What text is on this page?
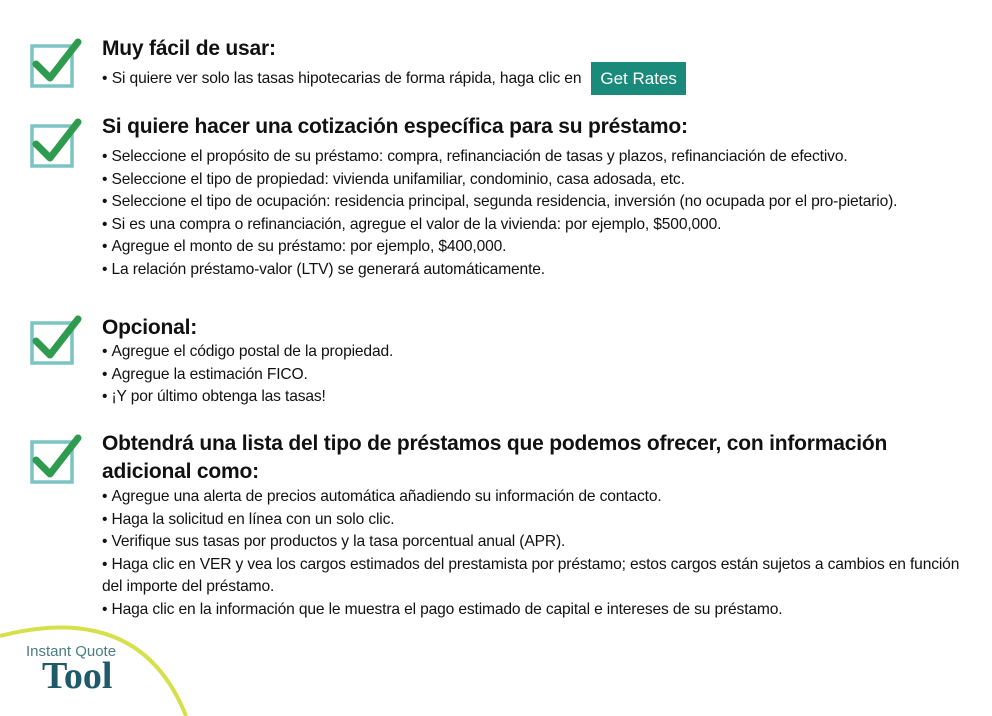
Instant Quote
Tool
Muy fácil de usar:
• Si quiere ver solo las tasas hipotecarias de forma rápida, haga clic en	Get Rates
Si quiere hacer una cotización específica para su préstamo:
• Seleccione el propósito de su préstamo: compra, refinanciación de tasas y plazos, refinanciación de efectivo.
• Seleccione el tipo de propiedad: vivienda unifamiliar, condominio, casa adosada, etc.
• Seleccione el tipo de ocupación: residencia principal, segunda residencia, inversión (no ocupada por el pro-pietario).
• Si es una compra o refinanciación, agregue el valor de la vivienda: por ejemplo, $500,000.
• Agregue el monto de su préstamo: por ejemplo, $400,000.
• La relación préstamo-valor (LTV) se generará automáticamente.
Opcional:
• Agregue el código postal de la propiedad.
• Agregue la estimación FICO.
• ¡Y por último obtenga las tasas!
Obtendrá una lista del tipo de préstamos que podemos ofrecer, con información adicional como:
• Agregue una alerta de precios automática añadiendo su información de contacto.
• Haga la solicitud en línea con un solo clic.
• Verifique sus tasas por productos y la tasa porcentual anual (APR).
• Haga clic en VER y vea los cargos estimados del prestamista por préstamo; estos cargos están sujetos a cambios en función del importe del préstamo.
• Haga clic en la información que le muestra el pago estimado de capital e intereses de su préstamo.
